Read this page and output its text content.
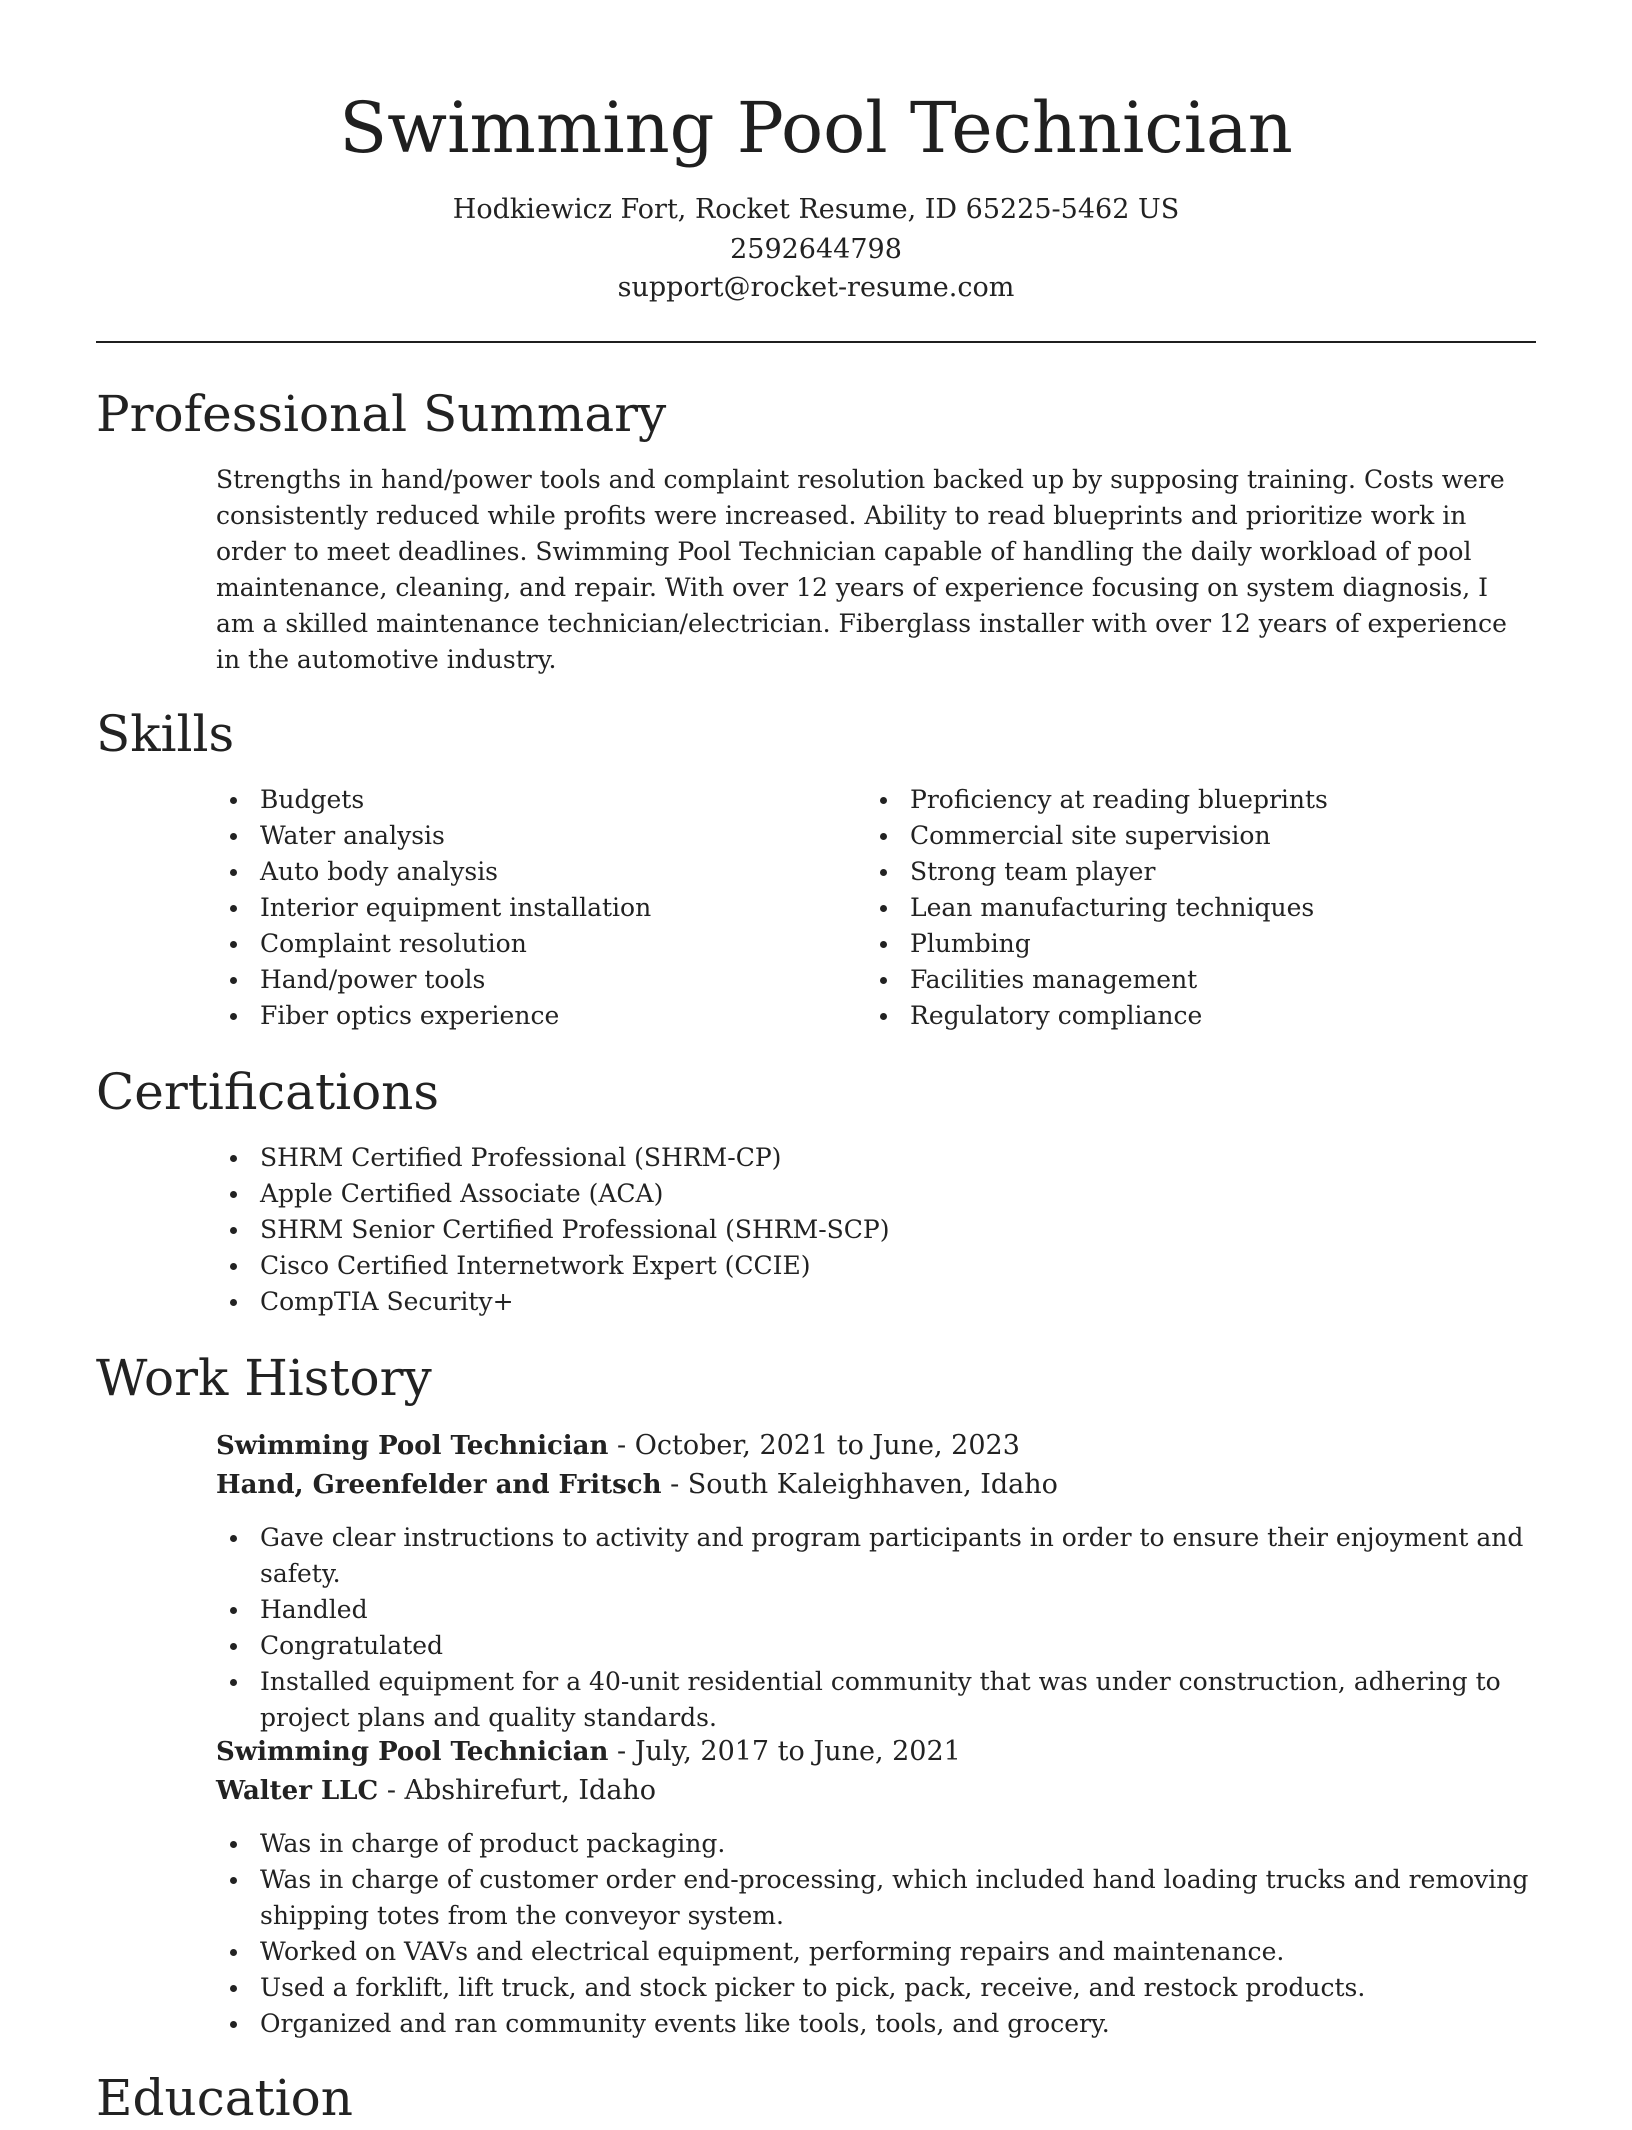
Swimming Pool Technician
Hodkiewicz Fort, Rocket Resume, ID 65225-5462 US
2592644798
support@rocket-resume.com
Professional Summary

Strengths in hand/power tools and complaint resolution backed up by supposing training. Costs were consistently reduced while profits were increased. Ability to read blueprints and prioritize work in order to meet deadlines. Swimming Pool Technician capable of handling the daily workload of pool maintenance, cleaning, and repair. With over 12 years of experience focusing on system diagnosis, I am a skilled maintenance technician/electrician. Fiberglass installer with over 12 years of experience in the automotive industry.

Skills
Budgets
Water analysis
Auto body analysis
Interior equipment installation
Complaint resolution
Hand/power tools
Fiber optics experience
Proficiency at reading blueprints
Commercial site supervision
Strong team player
Lean manufacturing techniques
Plumbing
Facilities management
Regulatory compliance
Certifications
SHRM Certified Professional (SHRM-CP)
Apple Certified Associate (ACA)
SHRM Senior Certified Professional (SHRM-SCP)
Cisco Certified Internetwork Expert (CCIE)
CompTIA Security+
Work History
Swimming Pool Technician - October, 2021 to June, 2023
Hand, Greenfelder and Fritsch - South Kaleighhaven, Idaho
Gave clear instructions to activity and program participants in order to ensure their enjoyment and safety.
Handled
Congratulated
Installed equipment for a 40-unit residential community that was under construction, adhering to project plans and quality standards.
Swimming Pool Technician - July, 2017 to June, 2021
Walter LLC - Abshirefurt, Idaho
Was in charge of product packaging.
Was in charge of customer order end-processing, which included hand loading trucks and removing shipping totes from the conveyor system.
Worked on VAVs and electrical equipment, performing repairs and maintenance.
Used a forklift, lift truck, and stock picker to pick, pack, receive, and restock products.
Organized and ran community events like tools, tools, and grocery.
Education
